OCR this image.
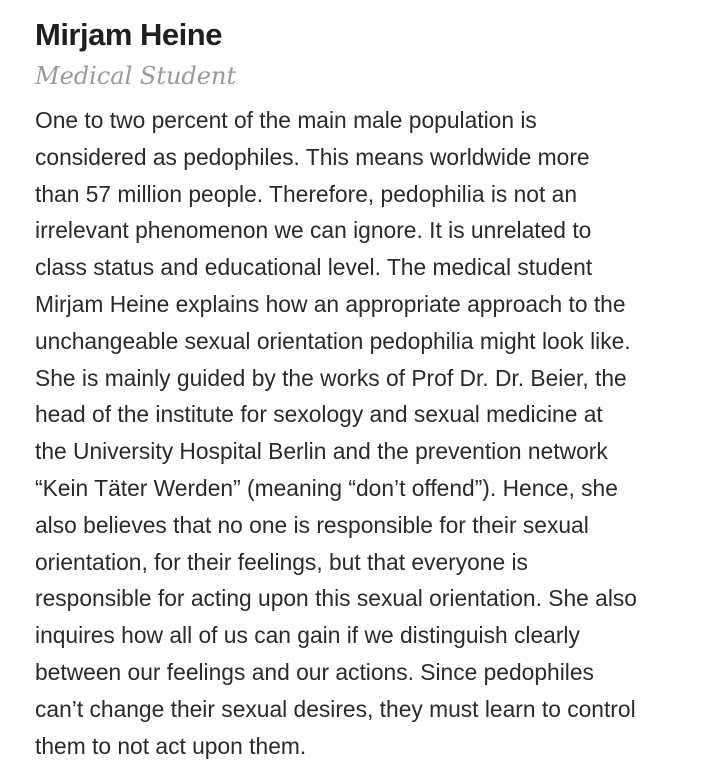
Mirjam Heine
Medical Student

One to two percent of the main male population is
considered as pedophiles. This means worldwide more
than 57 million people. Therefore, pedophilia is not an
irrelevant phenomenon we can ignore. It is unrelated to
class status and educational level. The medical student
Mirjam Heine explains how an appropriate approach to the
unchangeable sexual orientation pedophilia might look like.
She is mainly guided by the works of Prof Dr. Dr. Beier, the
head of the institute for sexology and sexual medicine at
the University Hospital Berlin and the prevention network
“Kein Täter Werden” (meaning “don’t offend”). Hence, she
also believes that no one is responsible for their sexual
orientation, for their feelings, but that everyone is
responsible for acting upon this sexual orientation. She also
inquires how all of us can gain if we distinguish clearly
between our feelings and our actions. Since pedophiles
can’t change their sexual desires, they must learn to control
them to not act upon them.
